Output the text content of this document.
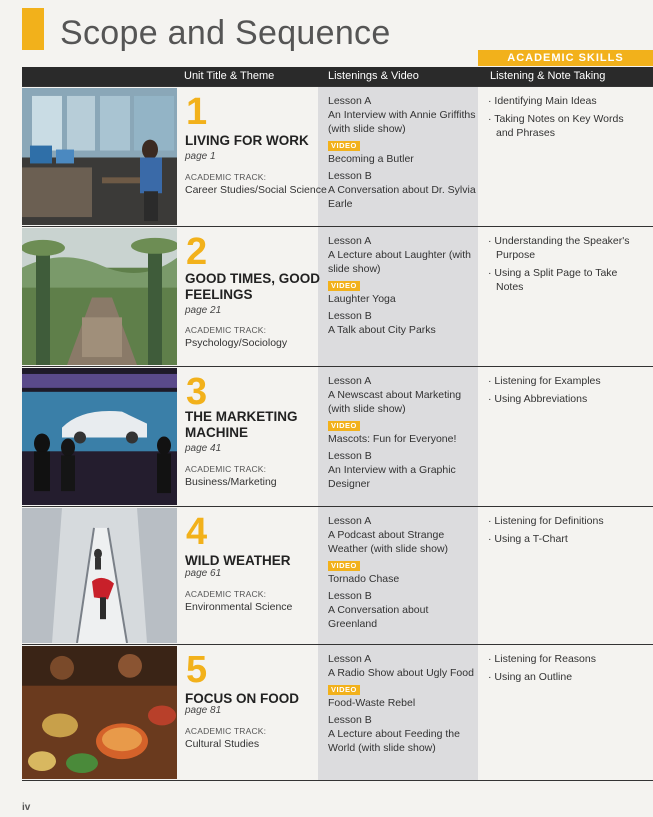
Scope and Sequence
ACADEMIC SKILLS
Unit Title & Theme	Listenings & Video	Listening & Note Taking
1
LIVING FOR WORK
page 1
ACADEMIC TRACK:
Career Studies/Social Science
Lesson A
An Interview with Annie Griffiths (with slide show)
VIDEO
Becoming a Butler
Lesson B
A Conversation about Dr. Sylvia Earle
· Identifying Main Ideas
· Taking Notes on Key Words and Phrases
2
GOOD TIMES, GOOD FEELINGS
page 21
ACADEMIC TRACK:
Psychology/Sociology
Lesson A
A Lecture about Laughter (with slide show)
VIDEO
Laughter Yoga
Lesson B
A Talk about City Parks
· Understanding the Speaker's Purpose
· Using a Split Page to Take Notes
3
THE MARKETING MACHINE
page 41
ACADEMIC TRACK:
Business/Marketing
Lesson A
A Newscast about Marketing (with slide show)
VIDEO
Mascots: Fun for Everyone!
Lesson B
An Interview with a Graphic Designer
· Listening for Examples
· Using Abbreviations
4
WILD WEATHER
page 61
ACADEMIC TRACK:
Environmental Science
Lesson A
A Podcast about Strange Weather (with slide show)
VIDEO
Tornado Chase
Lesson B
A Conversation about Greenland
· Listening for Definitions
· Using a T-Chart
5
FOCUS ON FOOD
page 81
ACADEMIC TRACK:
Cultural Studies
Lesson A
A Radio Show about Ugly Food
VIDEO
Food-Waste Rebel
Lesson B
A Lecture about Feeding the World (with slide show)
· Listening for Reasons
· Using an Outline
iv
